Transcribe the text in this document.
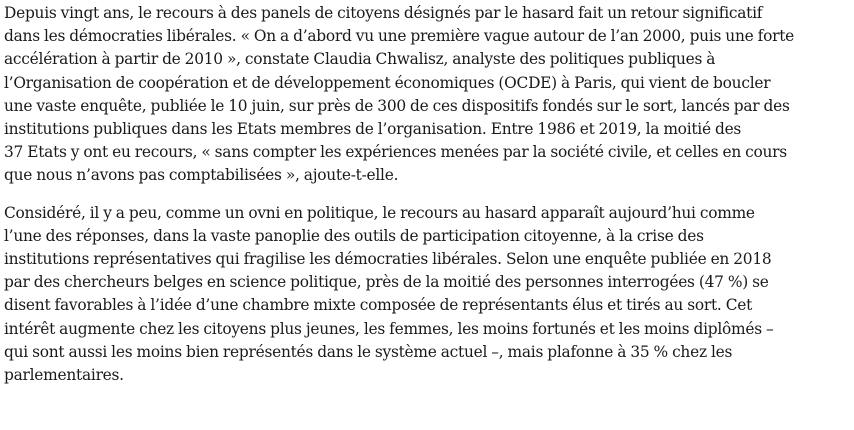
Depuis vingt ans, le recours à des panels de citoyens désignés par le hasard fait un retour significatif
dans les démocraties libérales. « On a d’abord vu une première vague autour de l’an 2000, puis une forte
accélération à partir de 2010 », constate Claudia Chwalisz, analyste des politiques publiques à
l’Organisation de coopération et de développement économiques (OCDE) à Paris, qui vient de boucler
une vaste enquête, publiée le 10 juin, sur près de 300 de ces dispositifs fondés sur le sort, lancés par des
institutions publiques dans les Etats membres de l’organisation. Entre 1986 et 2019, la moitié des
37 Etats y ont eu recours, « sans compter les expériences menées par la société civile, et celles en cours
que nous n’avons pas comptabilisées », ajoute-t-elle.

Considéré, il y a peu, comme un ovni en politique, le recours au hasard apparaît aujourd’hui comme
l’une des réponses, dans la vaste panoplie des outils de participation citoyenne, à la crise des
institutions représentatives qui fragilise les démocraties libérales. Selon une enquête publiée en 2018
par des chercheurs belges en science politique, près de la moitié des personnes interrogées (47 %) se
disent favorables à l’idée d’une chambre mixte composée de représentants élus et tirés au sort. Cet
intérêt augmente chez les citoyens plus jeunes, les femmes, les moins fortunés et les moins diplômés –
qui sont aussi les moins bien représentés dans le système actuel –, mais plafonne à 35 % chez les
parlementaires.
